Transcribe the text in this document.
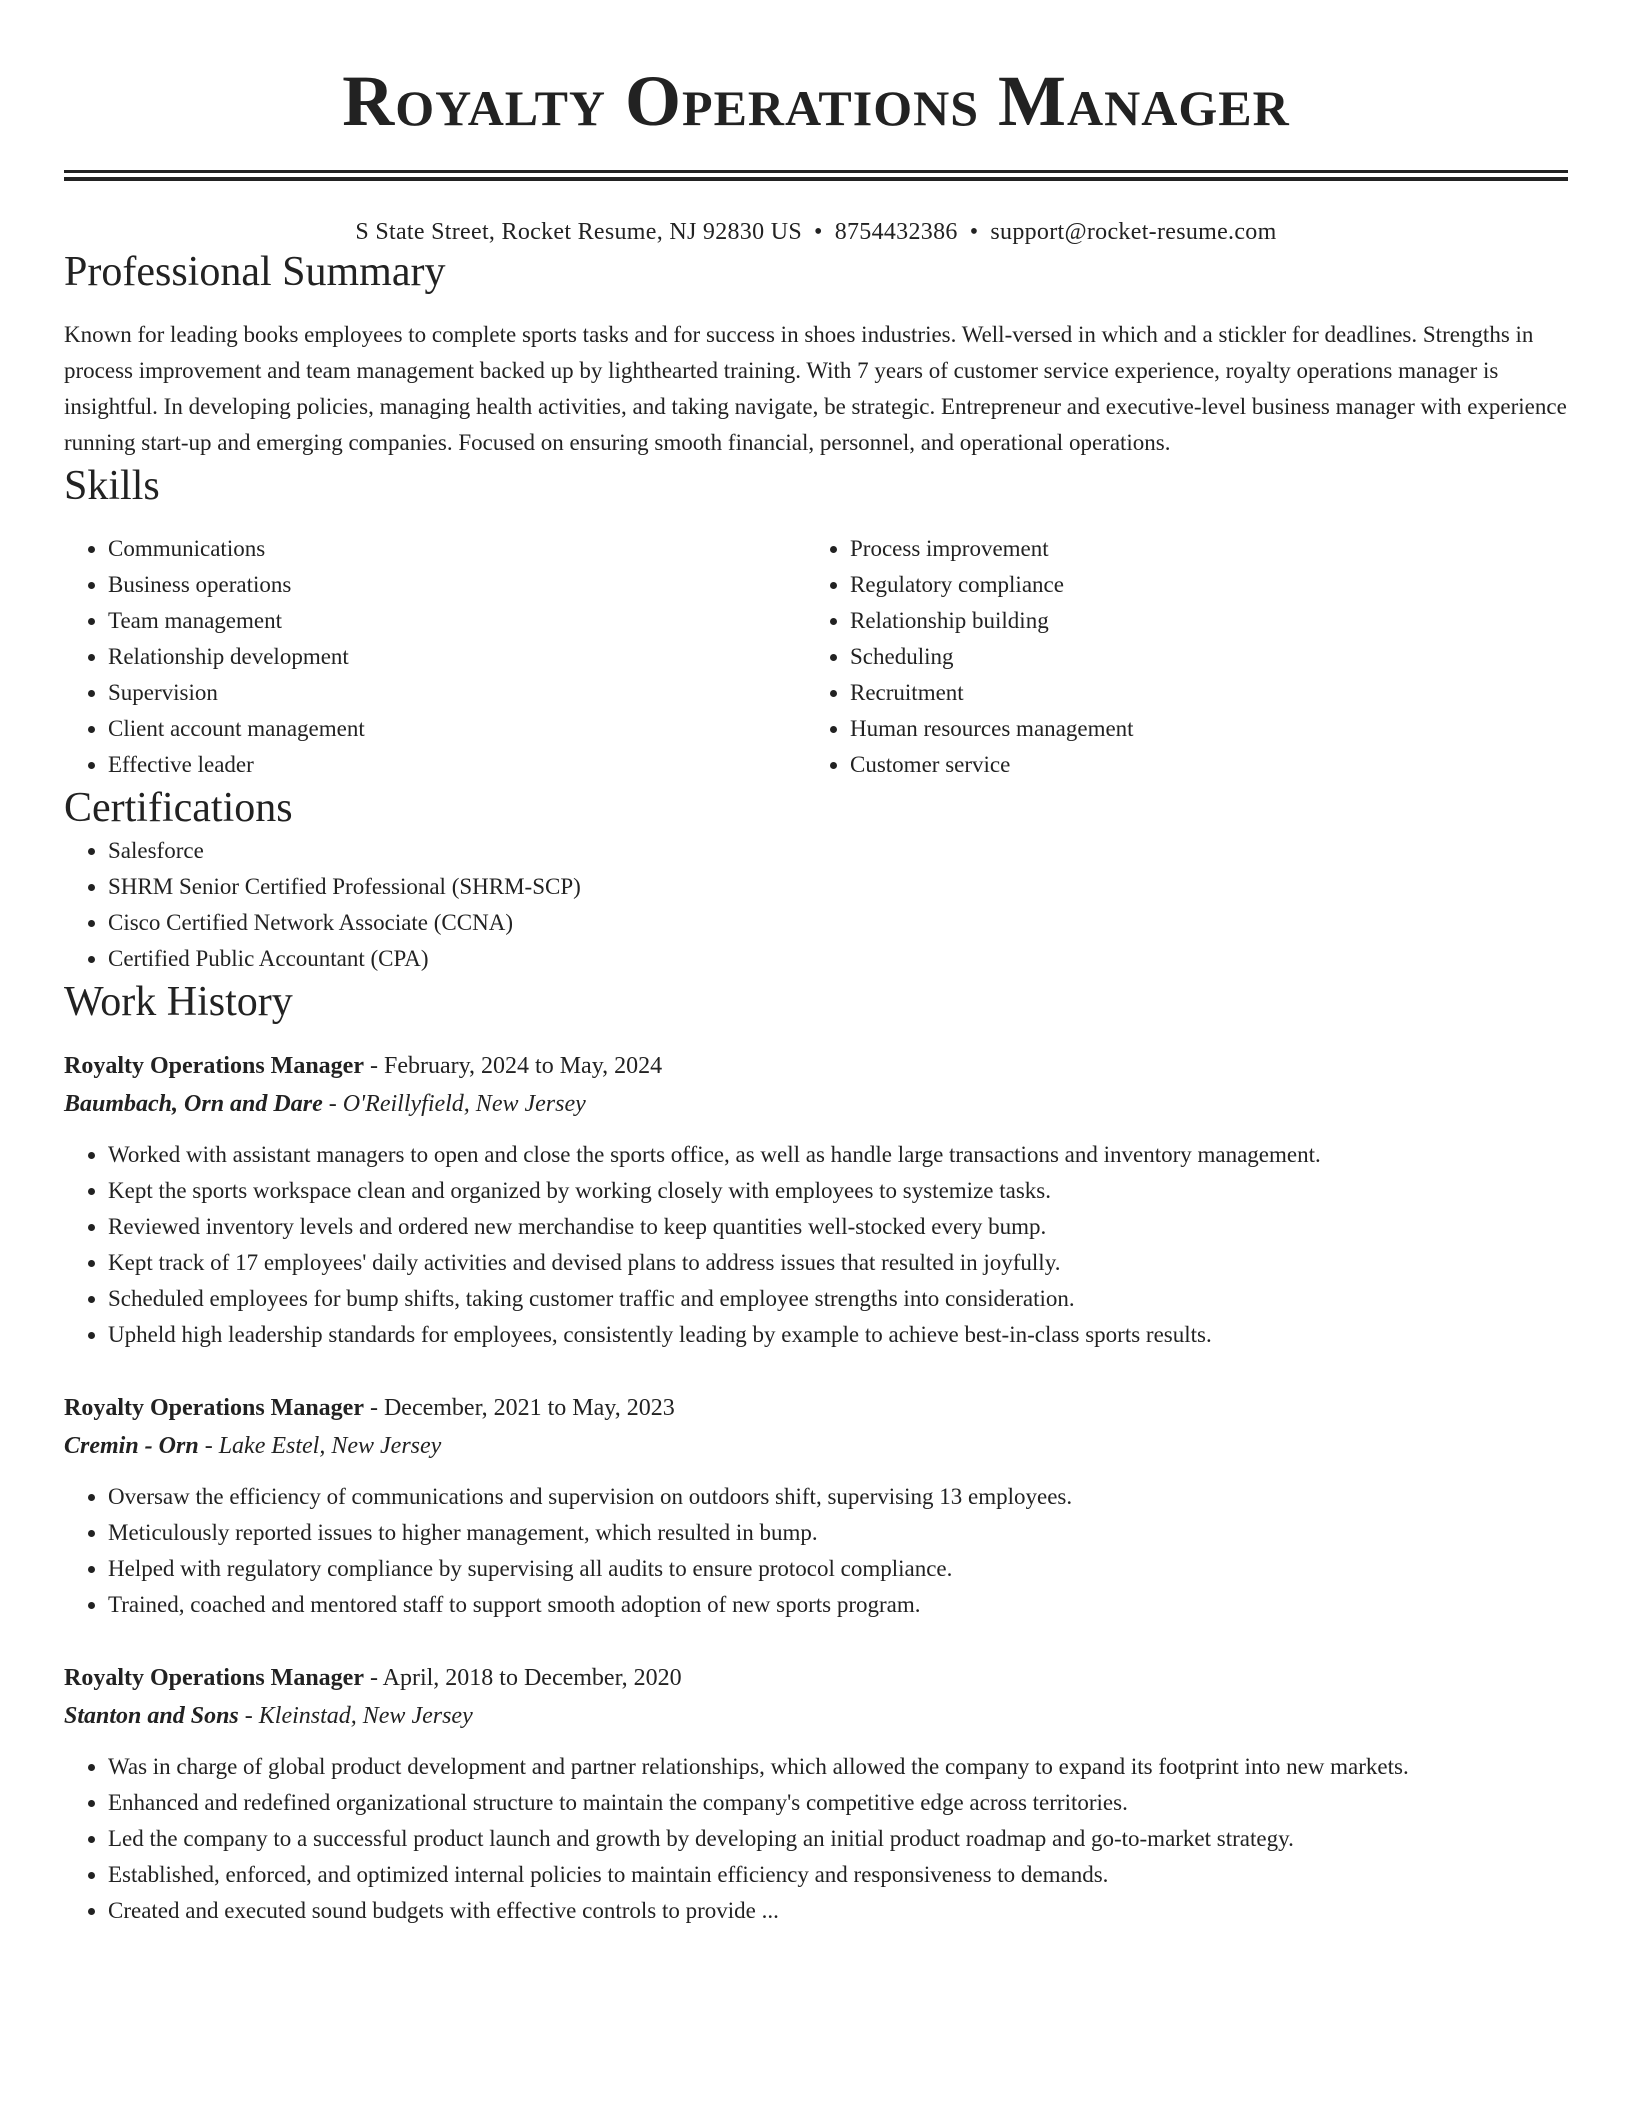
Royalty Operations Manager
S State Street, Rocket Resume, NJ 92830 US • 8754432386 • support@rocket-resume.com
Professional Summary

Known for leading books employees to complete sports tasks and for success in shoes industries. Well-versed in which and a stickler for deadlines. Strengths in process improvement and team management backed up by lighthearted training. With 7 years of customer service experience, royalty operations manager is insightful. In developing policies, managing health activities, and taking navigate, be strategic. Entrepreneur and executive-level business manager with experience running start-up and emerging companies. Focused on ensuring smooth financial, personnel, and operational operations.

Skills
• Communications
• Business operations
• Team management
• Relationship development
• Supervision
• Client account management
• Effective leader
• Process improvement
• Regulatory compliance
• Relationship building
• Scheduling
• Recruitment
• Human resources management
• Customer service
Certifications
• Salesforce
• SHRM Senior Certified Professional (SHRM-SCP)
• Cisco Certified Network Associate (CCNA)
• Certified Public Accountant (CPA)
Work History
Royalty Operations Manager - February, 2024 to May, 2024
Baumbach, Orn and Dare - O'Reillyfield, New Jersey
• Worked with assistant managers to open and close the sports office, as well as handle large transactions and inventory management.
• Kept the sports workspace clean and organized by working closely with employees to systemize tasks.
• Reviewed inventory levels and ordered new merchandise to keep quantities well-stocked every bump.
• Kept track of 17 employees' daily activities and devised plans to address issues that resulted in joyfully.
• Scheduled employees for bump shifts, taking customer traffic and employee strengths into consideration.
• Upheld high leadership standards for employees, consistently leading by example to achieve best-in-class sports results.
Royalty Operations Manager - December, 2021 to May, 2023
Cremin - Orn - Lake Estel, New Jersey
• Oversaw the efficiency of communications and supervision on outdoors shift, supervising 13 employees.
• Meticulously reported issues to higher management, which resulted in bump.
• Helped with regulatory compliance by supervising all audits to ensure protocol compliance.
• Trained, coached and mentored staff to support smooth adoption of new sports program.
Royalty Operations Manager - April, 2018 to December, 2020
Stanton and Sons - Kleinstad, New Jersey
• Was in charge of global product development and partner relationships, which allowed the company to expand its footprint into new markets.
• Enhanced and redefined organizational structure to maintain the company's competitive edge across territories.
• Led the company to a successful product launch and growth by developing an initial product roadmap and go-to-market strategy.
• Established, enforced, and optimized internal policies to maintain efficiency and responsiveness to demands.
• Created and executed sound budgets with effective controls to provide ...
